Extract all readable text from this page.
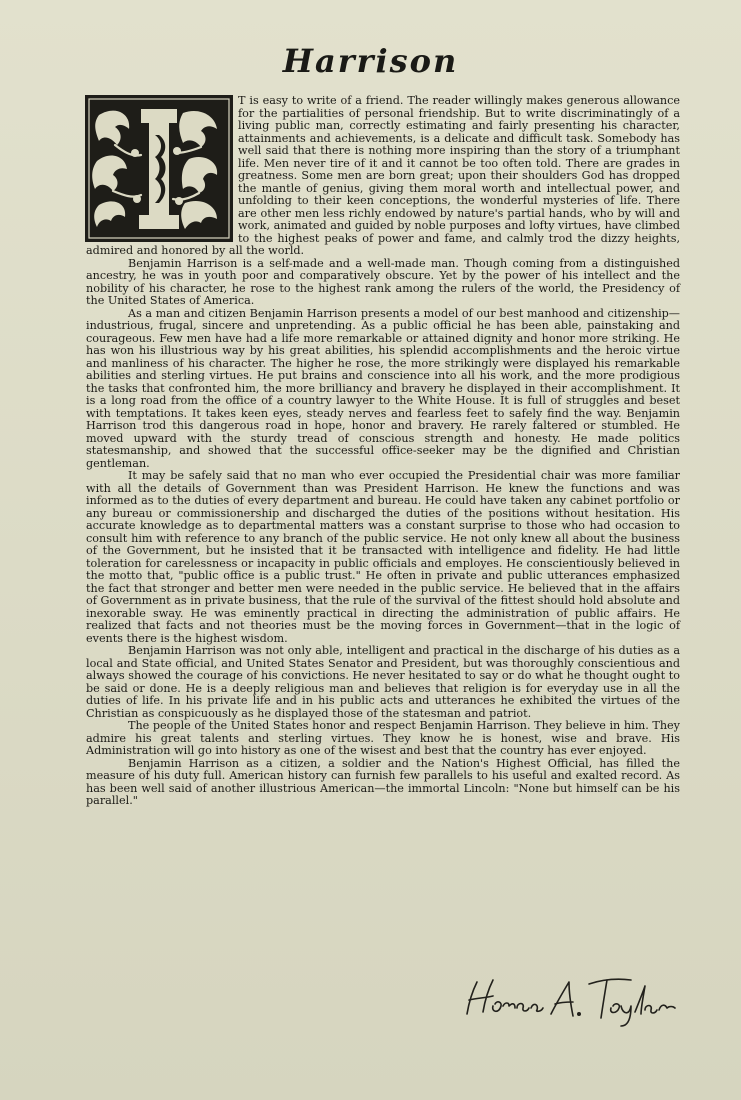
Harrison

T is easy to write of a friend. The reader willingly makes generous allowance for the partialities of personal friendship. But to write discriminatingly of a living public man, correctly estimating and fairly presenting his character, attainments and achievements, is a delicate and difficult task. Somebody has well said that there is nothing more inspiring than the story of a triumphant life. Men never tire of it and it cannot be too often told. There are grades in greatness. Some men are born great; upon their shoulders God has dropped the mantle of genius, giving them moral worth and intellectual power, and unfolding to their keen conceptions, the wonderful mysteries of life. There are other men less richly endowed by nature's partial hands, who by will and work, animated and guided by noble purposes and lofty virtues, have climbed to the highest peaks of power and fame, and calmly trod the dizzy heights, admired and honored by all the world.

Benjamin Harrison is a self-made and a well-made man. Though coming from a distinguished ancestry, he was in youth poor and comparatively obscure. Yet by the power of his intellect and the nobility of his character, he rose to the highest rank among the rulers of the world, the Presidency of the United States of America.

As a man and citizen Benjamin Harrison presents a model of our best manhood and citizenship—industrious, frugal, sincere and unpretending. As a public official he has been able, painstaking and courageous. Few men have had a life more remarkable or attained dignity and honor more striking. He has won his illustrious way by his great abilities, his splendid accomplishments and the heroic virtue and manliness of his character. The higher he rose, the more strikingly were displayed his remarkable abilities and sterling virtues. He put brains and conscience into all his work, and the more prodigious the tasks that confronted him, the more brilliancy and bravery he displayed in their accomplishment. It is a long road from the office of a country lawyer to the White House. It is full of struggles and beset with temptations. It takes keen eyes, steady nerves and fearless feet to safely find the way. Benjamin Harrison trod this dangerous road in hope, honor and bravery. He rarely faltered or stumbled. He moved upward with the sturdy tread of conscious strength and honesty. He made politics statesmanship, and showed that the successful office-seeker may be the dignified and Christian gentleman.

It may be safely said that no man who ever occupied the Presidential chair was more familiar with all the details of Government than was President Harrison. He knew the functions and was informed as to the duties of every department and bureau. He could have taken any cabinet portfolio or any bureau or commissionership and discharged the duties of the positions without hesitation. His accurate knowledge as to departmental matters was a constant surprise to those who had occasion to consult him with reference to any branch of the public service. He not only knew all about the business of the Government, but he insisted that it be transacted with intelligence and fidelity. He had little toleration for carelessness or incapacity in public officials and employes. He conscientiously believed in the motto that, "public office is a public trust." He often in private and public utterances emphasized the fact that stronger and better men were needed in the public service. He believed that in the affairs of Government as in private business, that the rule of the survival of the fittest should hold absolute and inexorable sway. He was eminently practical in directing the administration of public affairs. He realized that facts and not theories must be the moving forces in Government—that in the logic of events there is the highest wisdom.

Benjamin Harrison was not only able, intelligent and practical in the discharge of his duties as a local and State official, and United States Senator and President, but was thoroughly conscientious and always showed the courage of his convictions. He never hesitated to say or do what he thought ought to be said or done. He is a deeply religious man and believes that religion is for everyday use in all the duties of life. In his private life and in his public acts and utterances he exhibited the virtues of the Christian as conspicuously as he displayed those of the statesman and patriot.

The people of the United States honor and respect Benjamin Harrison. They believe in him. They admire his great talents and sterling virtues. They know he is honest, wise and brave. His Administration will go into history as one of the wisest and best that the country has ever enjoyed.

Benjamin Harrison as a citizen, a soldier and the Nation's Highest Official, has filled the measure of his duty full. American history can furnish few parallels to his useful and exalted record. As has been well said of another illustrious American—the immortal Lincoln: "None but himself can be his parallel."
